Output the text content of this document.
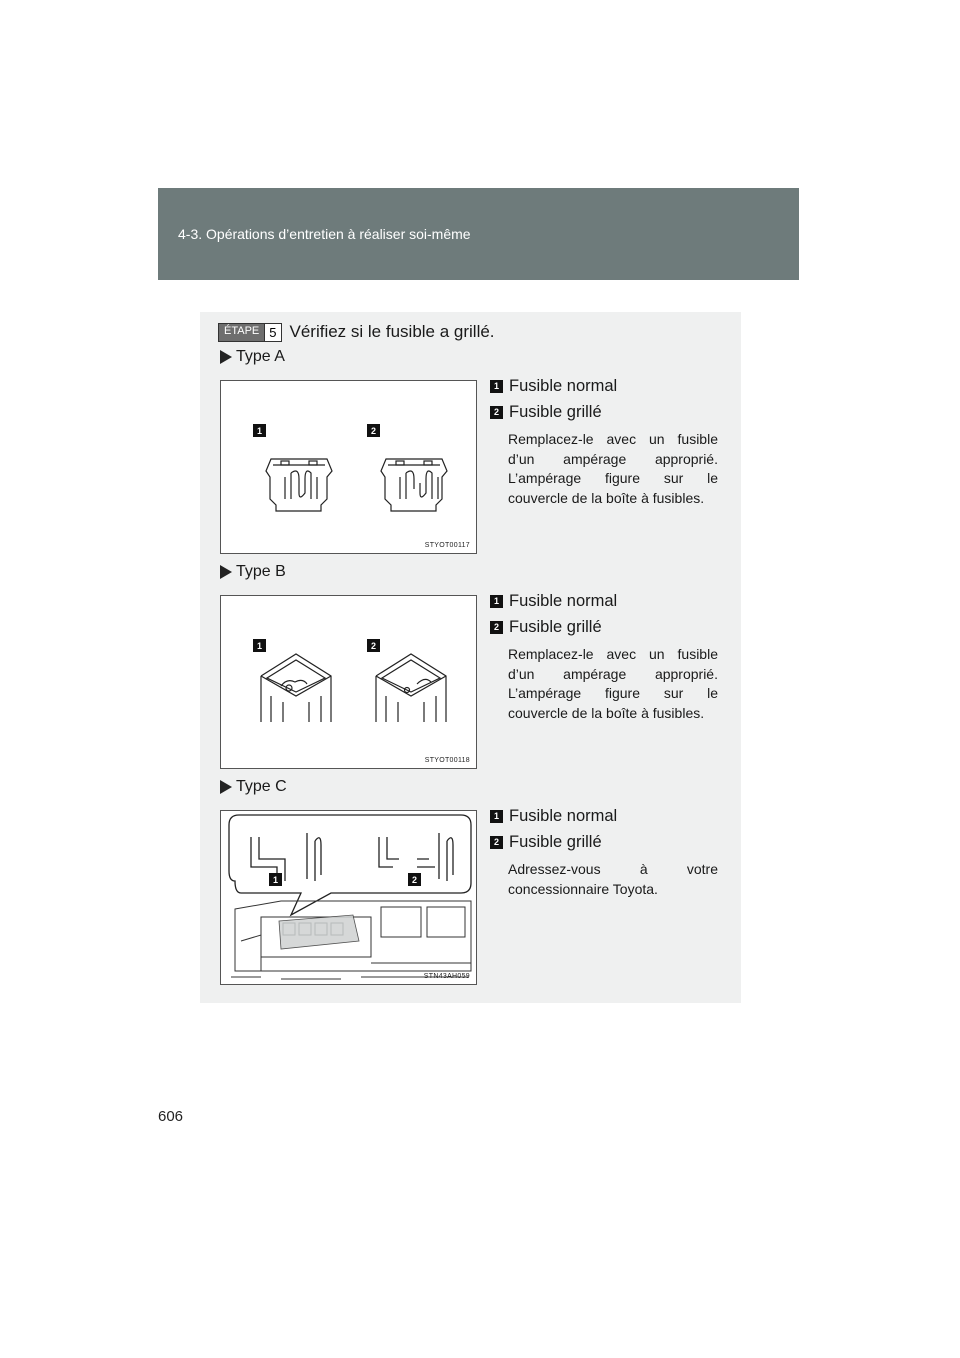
4-3. Opérations d’entretien à réaliser soi-même
ÉTAPE 5 Vérifiez si le fusible a grillé.
Type A
1	2
STYOT00117
1 Fusible normal
2 Fusible grillé
Remplacez-le avec un fusible d’un ampérage approprié. L’ampérage figure sur le couvercle de la boîte à fusibles.
Type B
1	2
STYOT00118
1 Fusible normal
2 Fusible grillé
Remplacez-le avec un fusible d’un ampérage approprié. L’ampérage figure sur le couvercle de la boîte à fusibles.
Type C
1	2
STN43AH059
1 Fusible normal
2 Fusible grillé
Adressez-vous à votre concessionnaire Toyota.
606
